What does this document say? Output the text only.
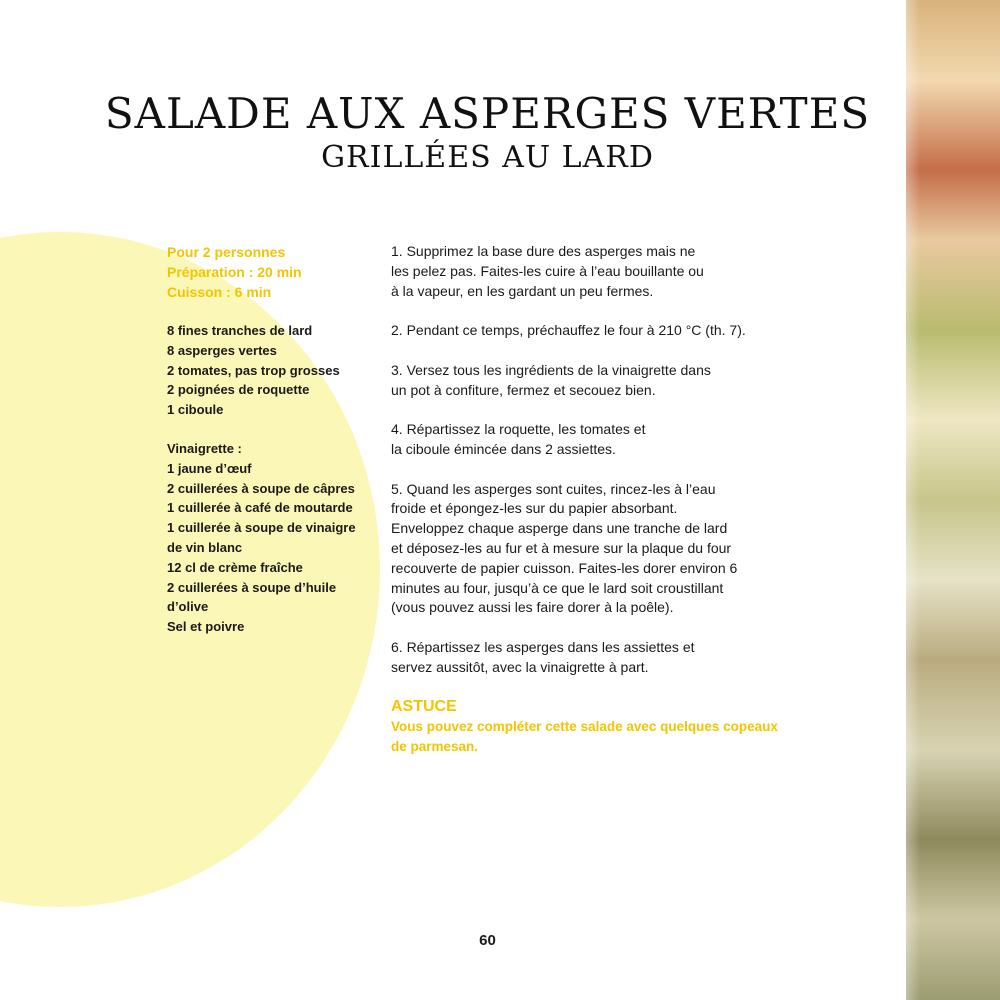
SALADE AUX ASPERGES VERTES
GRILLÉES AU LARD
Pour 2 personnes
Préparation : 20 min
Cuisson : 6 min
8 fines tranches de lard
8 asperges vertes
2 tomates, pas trop grosses
2 poignées de roquette
1 ciboule
Vinaigrette :
1 jaune d’œuf
2 cuillerées à soupe de câpres
1 cuillerée à café de moutarde
1 cuillerée à soupe de vinaigre
de vin blanc
12 cl de crème fraîche
2 cuillerées à soupe d’huile
d’olive
Sel et poivre
1. Supprimez la base dure des asperges mais ne
les pelez pas. Faites-les cuire à l’eau bouillante ou
à la vapeur, en les gardant un peu fermes.
2. Pendant ce temps, préchauffez le four à 210 °C (th. 7).
3. Versez tous les ingrédients de la vinaigrette dans
un pot à confiture, fermez et secouez bien.
4. Répartissez la roquette, les tomates et
la ciboule émincée dans 2 assiettes.
5. Quand les asperges sont cuites, rincez-les à l’eau
froide et épongez-les sur du papier absorbant.
Enveloppez chaque asperge dans une tranche de lard
et déposez-les au fur et à mesure sur la plaque du four
recouverte de papier cuisson. Faites-les dorer environ 6
minutes au four, jusqu’à ce que le lard soit croustillant
(vous pouvez aussi les faire dorer à la poêle).
6. Répartissez les asperges dans les assiettes et
servez aussitôt, avec la vinaigrette à part.
ASTUCE
Vous pouvez compléter cette salade avec quelques copeaux
de parmesan.
60
